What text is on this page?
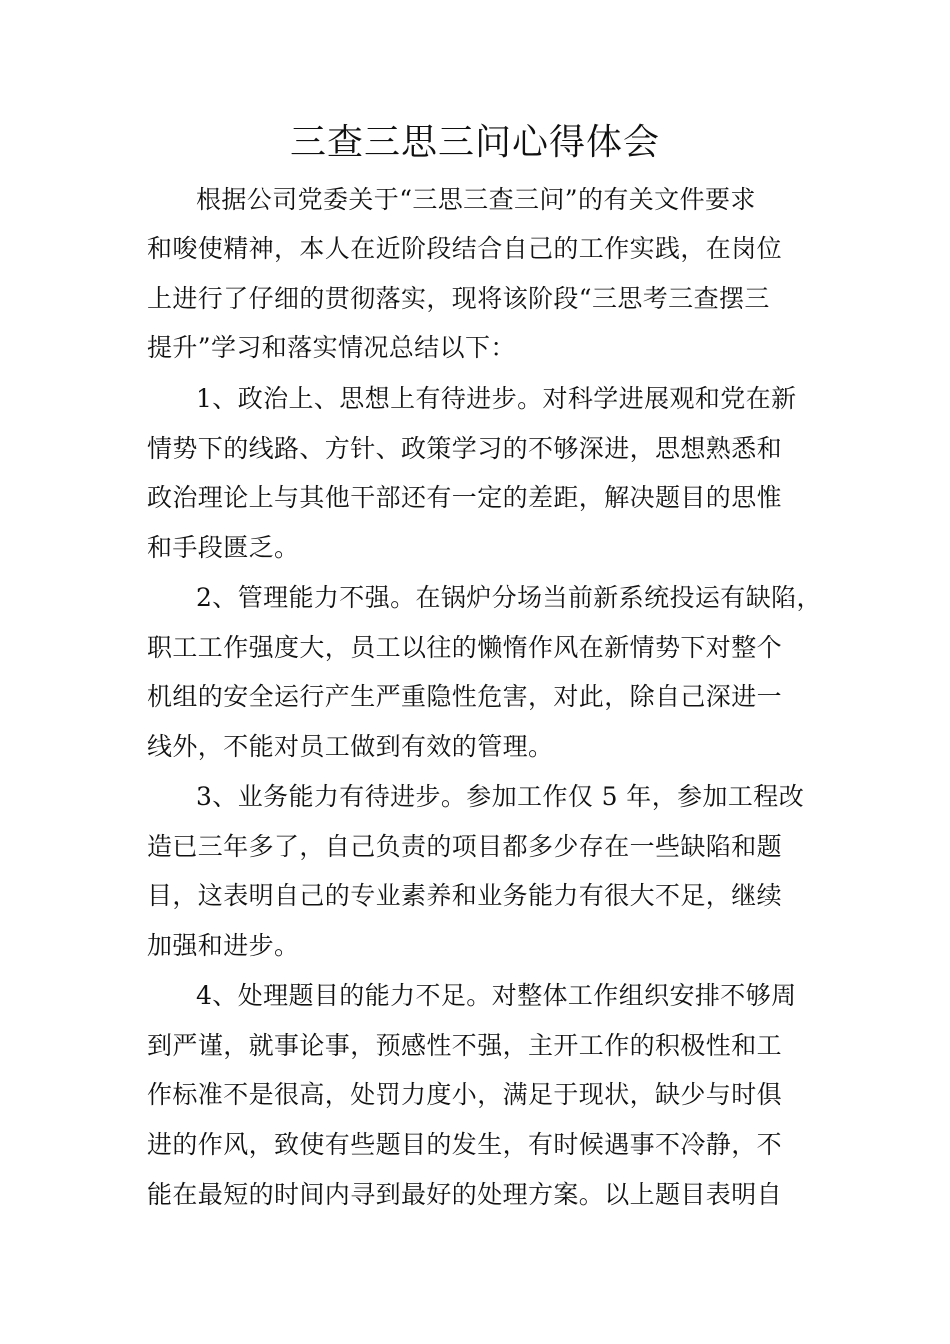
三查三思三问心得体会
根据公司党委关于“三思三查三问”的有关文件要求
和唆使精神，本人在近阶段结合自己的工作实践，在岗位
上进行了仔细的贯彻落实，现将该阶段“三思考三查摆三
提升”学习和落实情况总结以下：
1、政治上、思想上有待进步。对科学进展观和党在新
情势下的线路、方针、政策学习的不够深进，思想熟悉和
政治理论上与其他干部还有一定的差距，解决题目的思惟
和手段匮乏。
2、管理能力不强。在锅炉分场当前新系统投运有缺陷，
职工工作强度大，员工以往的懒惰作风在新情势下对整个
机组的安全运行产生严重隐性危害，对此，除自己深进一
线外，不能对员工做到有效的管理。
3、业务能力有待进步。参加工作仅 5 年，参加工程改
造已三年多了，自己负责的项目都多少存在一些缺陷和题
目，这表明自己的专业素养和业务能力有很大不足，继续
加强和进步。
4、处理题目的能力不足。对整体工作组织安排不够周
到严谨，就事论事，预感性不强，主开工作的积极性和工
作标准不是很高，处罚力度小，满足于现状，缺少与时俱
进的作风，致使有些题目的发生，有时候遇事不冷静，不
能在最短的时间内寻到最好的处理方案。以上题目表明自
